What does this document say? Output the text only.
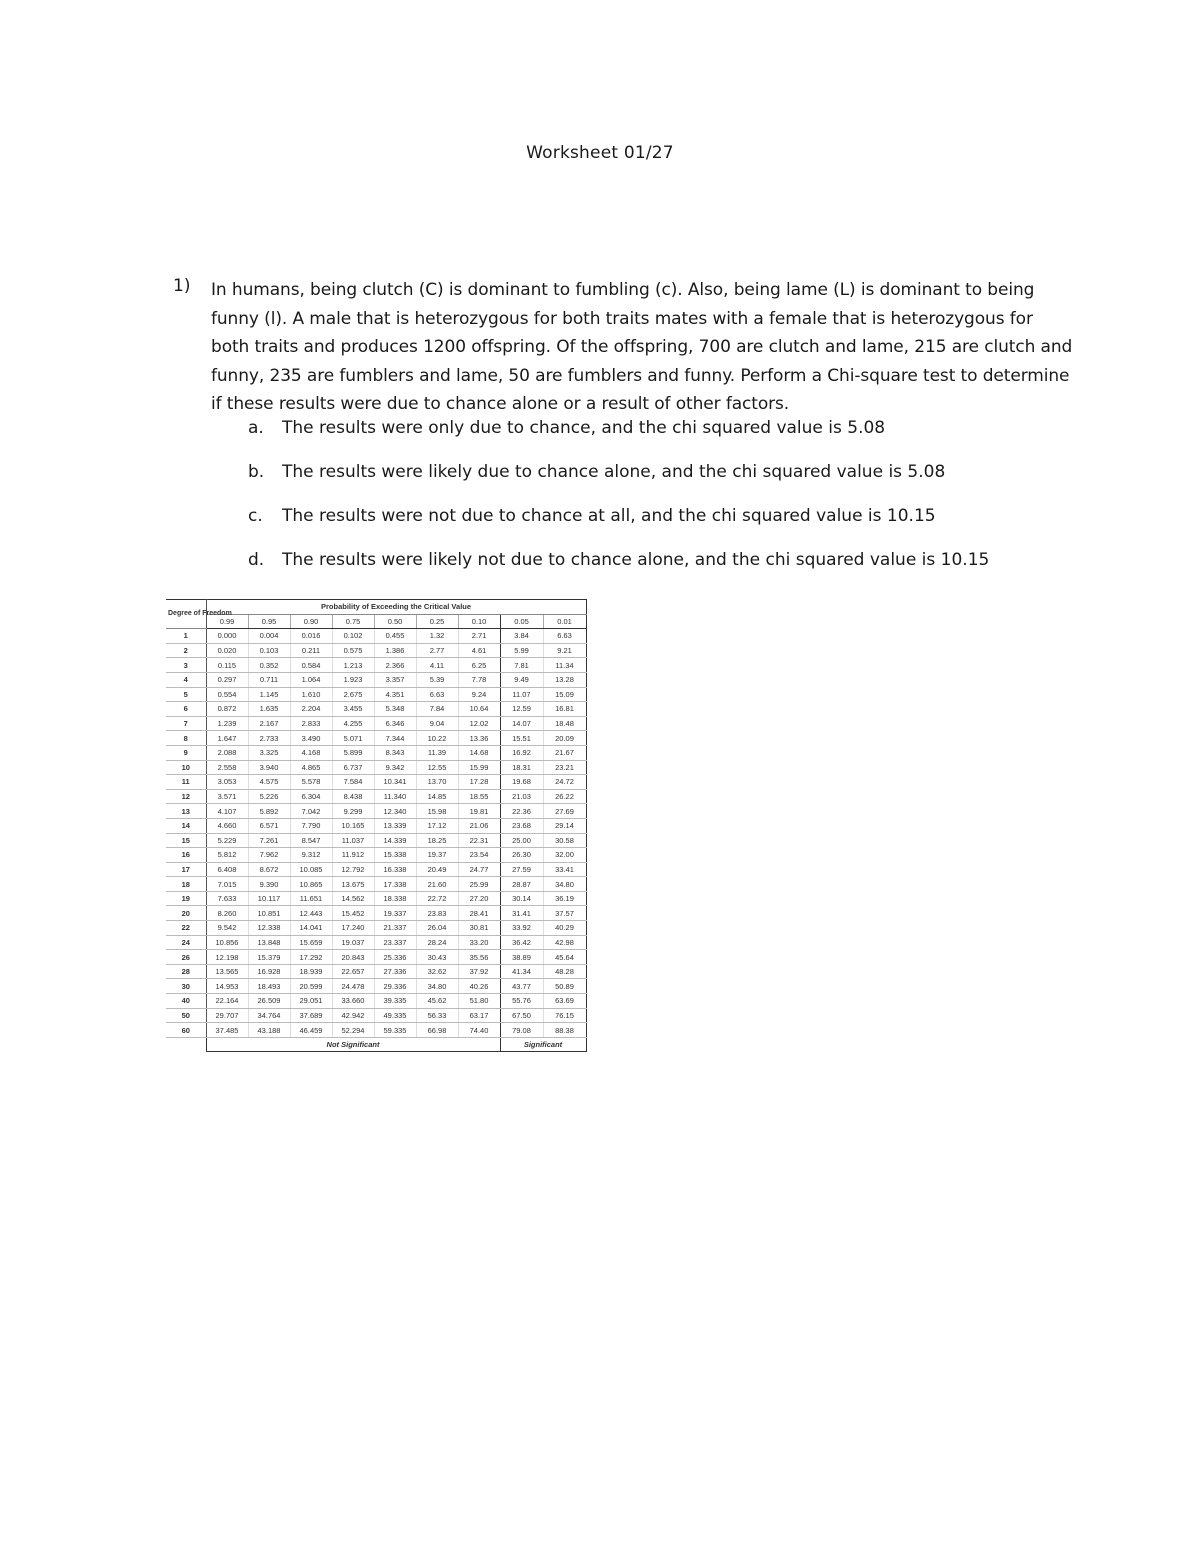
Worksheet 01/27
1) In humans, being clutch (C) is dominant to fumbling (c). Also, being lame (L) is dominant to being funny (l). A male that is heterozygous for both traits mates with a female that is heterozygous for both traits and produces 1200 offspring. Of the offspring, 700 are clutch and lame, 215 are clutch and funny, 235 are fumblers and lame, 50 are fumblers and funny. Perform a Chi-square test to determine if these results were due to chance alone or a result of other factors.
a. The results were only due to chance, and the chi squared value is 5.08
b. The results were likely due to chance alone, and the chi squared value is 5.08
c. The results were not due to chance at all, and the chi squared value is 10.15
d. The results were likely not due to chance alone, and the chi squared value is 10.15
Degree of Freedom	Probability of Exceeding the Critical Value								
	0.99	0.95	0.90	0.75	0.50	0.25	0.10	0.05	0.01
1	0.000	0.004	0.016	0.102	0.455	1.32	2.71	3.84	6.63
2	0.020	0.103	0.211	0.575	1.386	2.77	4.61	5.99	9.21
3	0.115	0.352	0.584	1.213	2.366	4.11	6.25	7.81	11.34
4	0.297	0.711	1.064	1.923	3.357	5.39	7.78	9.49	13.28
5	0.554	1.145	1.610	2.675	4.351	6.63	9.24	11.07	15.09
6	0.872	1.635	2.204	3.455	5.348	7.84	10.64	12.59	16.81
7	1.239	2.167	2.833	4.255	6.346	9.04	12.02	14.07	18.48
8	1.647	2.733	3.490	5.071	7.344	10.22	13.36	15.51	20.09
9	2.088	3.325	4.168	5.899	8.343	11.39	14.68	16.92	21.67
10	2.558	3.940	4.865	6.737	9.342	12.55	15.99	18.31	23.21
11	3.053	4.575	5.578	7.584	10.341	13.70	17.28	19.68	24.72
12	3.571	5.226	6.304	8.438	11.340	14.85	18.55	21.03	26.22
13	4.107	5.892	7.042	9.299	12.340	15.98	19.81	22.36	27.69
14	4.660	6.571	7.790	10.165	13.339	17.12	21.06	23.68	29.14
15	5.229	7.261	8.547	11.037	14.339	18.25	22.31	25.00	30.58
16	5.812	7.962	9.312	11.912	15.338	19.37	23.54	26.30	32.00
17	6.408	8.672	10.085	12.792	16.338	20.49	24.77	27.59	33.41
18	7.015	9.390	10.865	13.675	17.338	21.60	25.99	28.87	34.80
19	7.633	10.117	11.651	14.562	18.338	22.72	27.20	30.14	36.19
20	8.260	10.851	12.443	15.452	19.337	23.83	28.41	31.41	37.57
22	9.542	12.338	14.041	17.240	21.337	26.04	30.81	33.92	40.29
24	10.856	13.848	15.659	19.037	23.337	28.24	33.20	36.42	42.98
26	12.198	15.379	17.292	20.843	25.336	30.43	35.56	38.89	45.64
28	13.565	16.928	18.939	22.657	27.336	32.62	37.92	41.34	48.28
30	14.953	18.493	20.599	24.478	29.336	34.80	40.26	43.77	50.89
40	22.164	26.509	29.051	33.660	39.335	45.62	51.80	55.76	63.69
50	29.707	34.764	37.689	42.942	49.335	56.33	63.17	67.50	76.15
60	37.485	43.188	46.459	52.294	59.335	66.98	74.40	79.08	88.38
	Not Significant							Significant	
